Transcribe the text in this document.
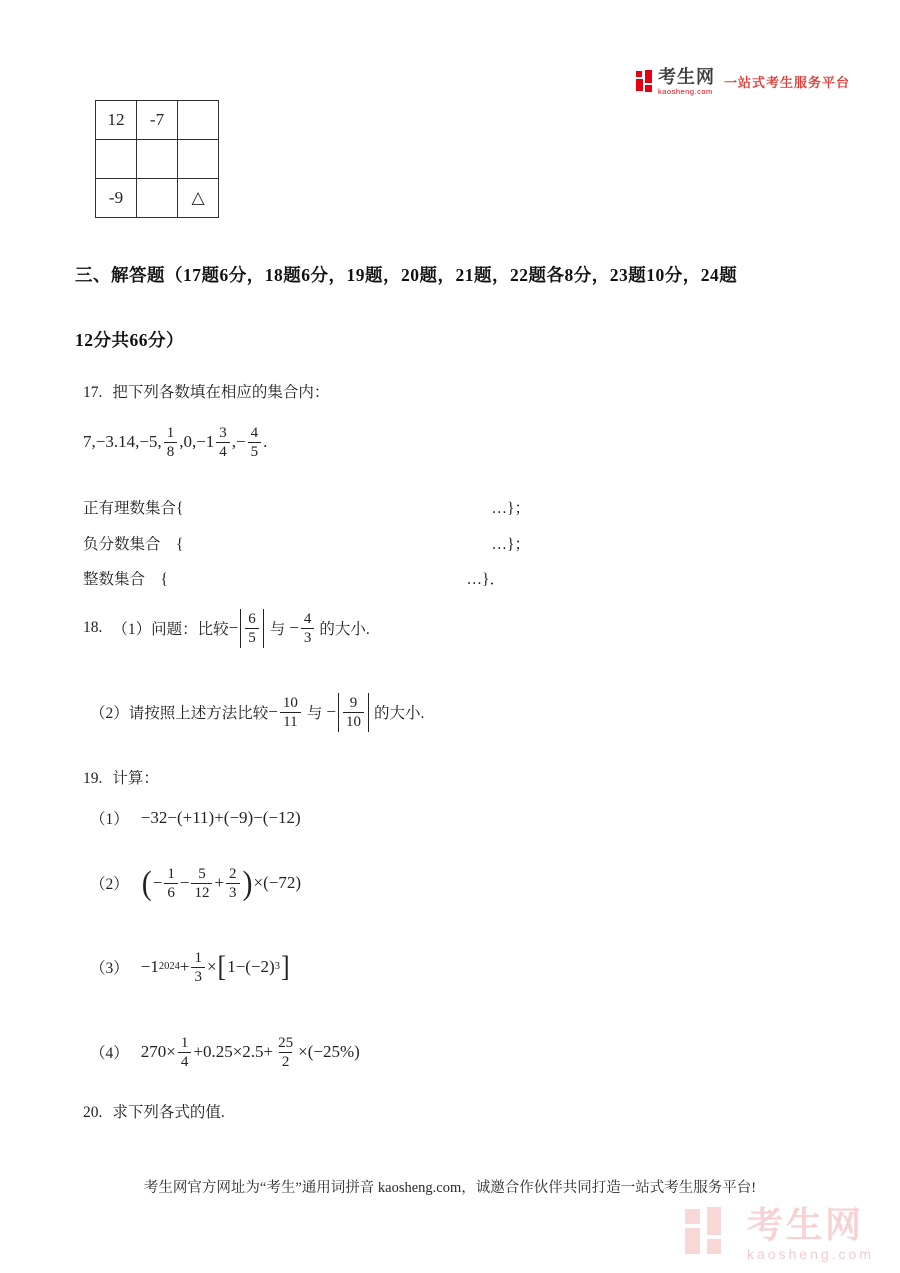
考生网
kaosheng.com
一站式考生服务平台
12	-7	

-9		△
三、解答题（17题6分，18题6分，19题，20题，21题，22题各8分，23题10分，24题
12分共66分）
17. 把下列各数填在相应的集合内：
7,−3.14,−5, $\frac{1}{8} ,0,-1 \frac{3}{4}$ ,− $\frac{4}{5}$ .
正有理数集合{	…}；
负分数集合　{	…}；
整数集合　{	…}．
18. （1）问题：比较 − $\frac{6}{5}$ 与 − $\frac{4}{3}$ 的大小.
（2）请按照上述方法比较 − $\frac{10}{11}$ 与 − $\frac{9}{10}$ 的大小.
19. 计算：
（1） −32−(+11)+(−9)−(−12)
（2） ( − $\frac{1}{6} - \frac{5}{12} + \frac{2}{3}$ ) ×(−72)
（3） −1 $2024 + \frac{1}{3}$ × [ 1−(−2) 3 ]
（4） $270\times \frac{1}{4} +0.25\times 2.5+ \frac{25}{2} \times(-25\%)$
20. 求下列各式的值.
考生网官方网址为“考生”通用词拼音 kaosheng.com，诚邀合作伙伴共同打造一站式考生服务平台!
考生网
kaosheng.com
